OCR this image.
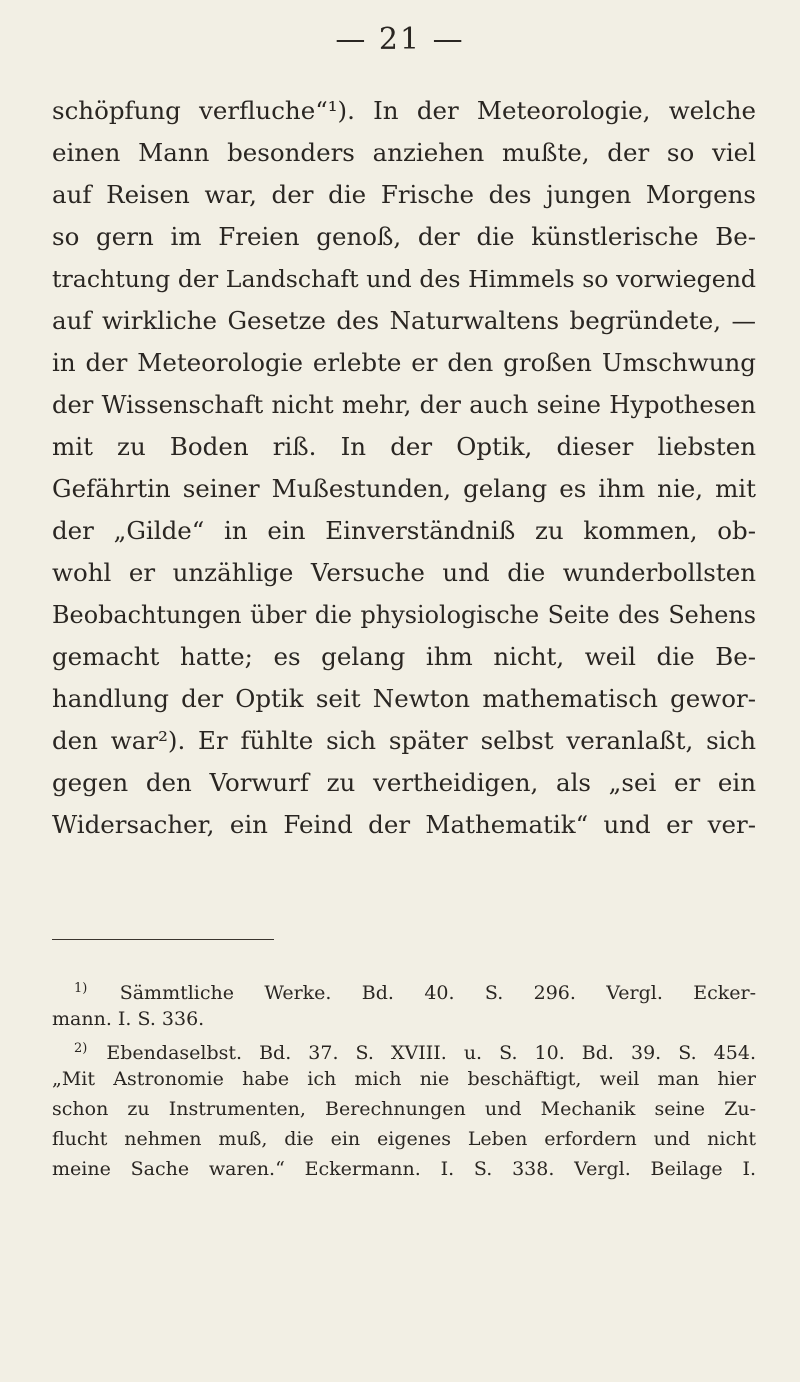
— 21 —
schöpfung verfluche“¹). In der Meteorologie, welche
einen Mann besonders anziehen mußte, der so viel
auf Reisen war, der die Frische des jungen Morgens
so gern im Freien genoß, der die künstlerische Be-
trachtung der Landschaft und des Himmels so vorwiegend
auf wirkliche Gesetze des Naturwaltens begründete, —
in der Meteorologie erlebte er den großen Umschwung
der Wissenschaft nicht mehr, der auch seine Hypothesen
mit zu Boden riß. In der Optik, dieser liebsten
Gefährtin seiner Mußestunden, gelang es ihm nie, mit
der „Gilde“ in ein Einverständniß zu kommen, ob-
wohl er unzählige Versuche und die wunderbollsten
Beobachtungen über die physiologische Seite des Sehens
gemacht hatte; es gelang ihm nicht, weil die Be-
handlung der Optik seit Newton mathematisch gewor-
den war²). Er fühlte sich später selbst veranlaßt, sich
gegen den Vorwurf zu vertheidigen, als „sei er ein
Widersacher, ein Feind der Mathematik“ und er ver-
$^{1)}$ Sämmtliche Werke. Bd. 40. S. 296. Vergl. Ecker-
mann. I. S. 336.
$^{2)}$ Ebendaselbst. Bd. 37. S. XVIII. u. S. 10. Bd. 39. S. 454.
„Mit Astronomie habe ich mich nie beschäftigt, weil man hier
schon zu Instrumenten, Berechnungen und Mechanik seine Zu-
flucht nehmen muß, die ein eigenes Leben erfordern und nicht
meine Sache waren.“ Eckermann. I. S. 338. Vergl. Beilage I.
